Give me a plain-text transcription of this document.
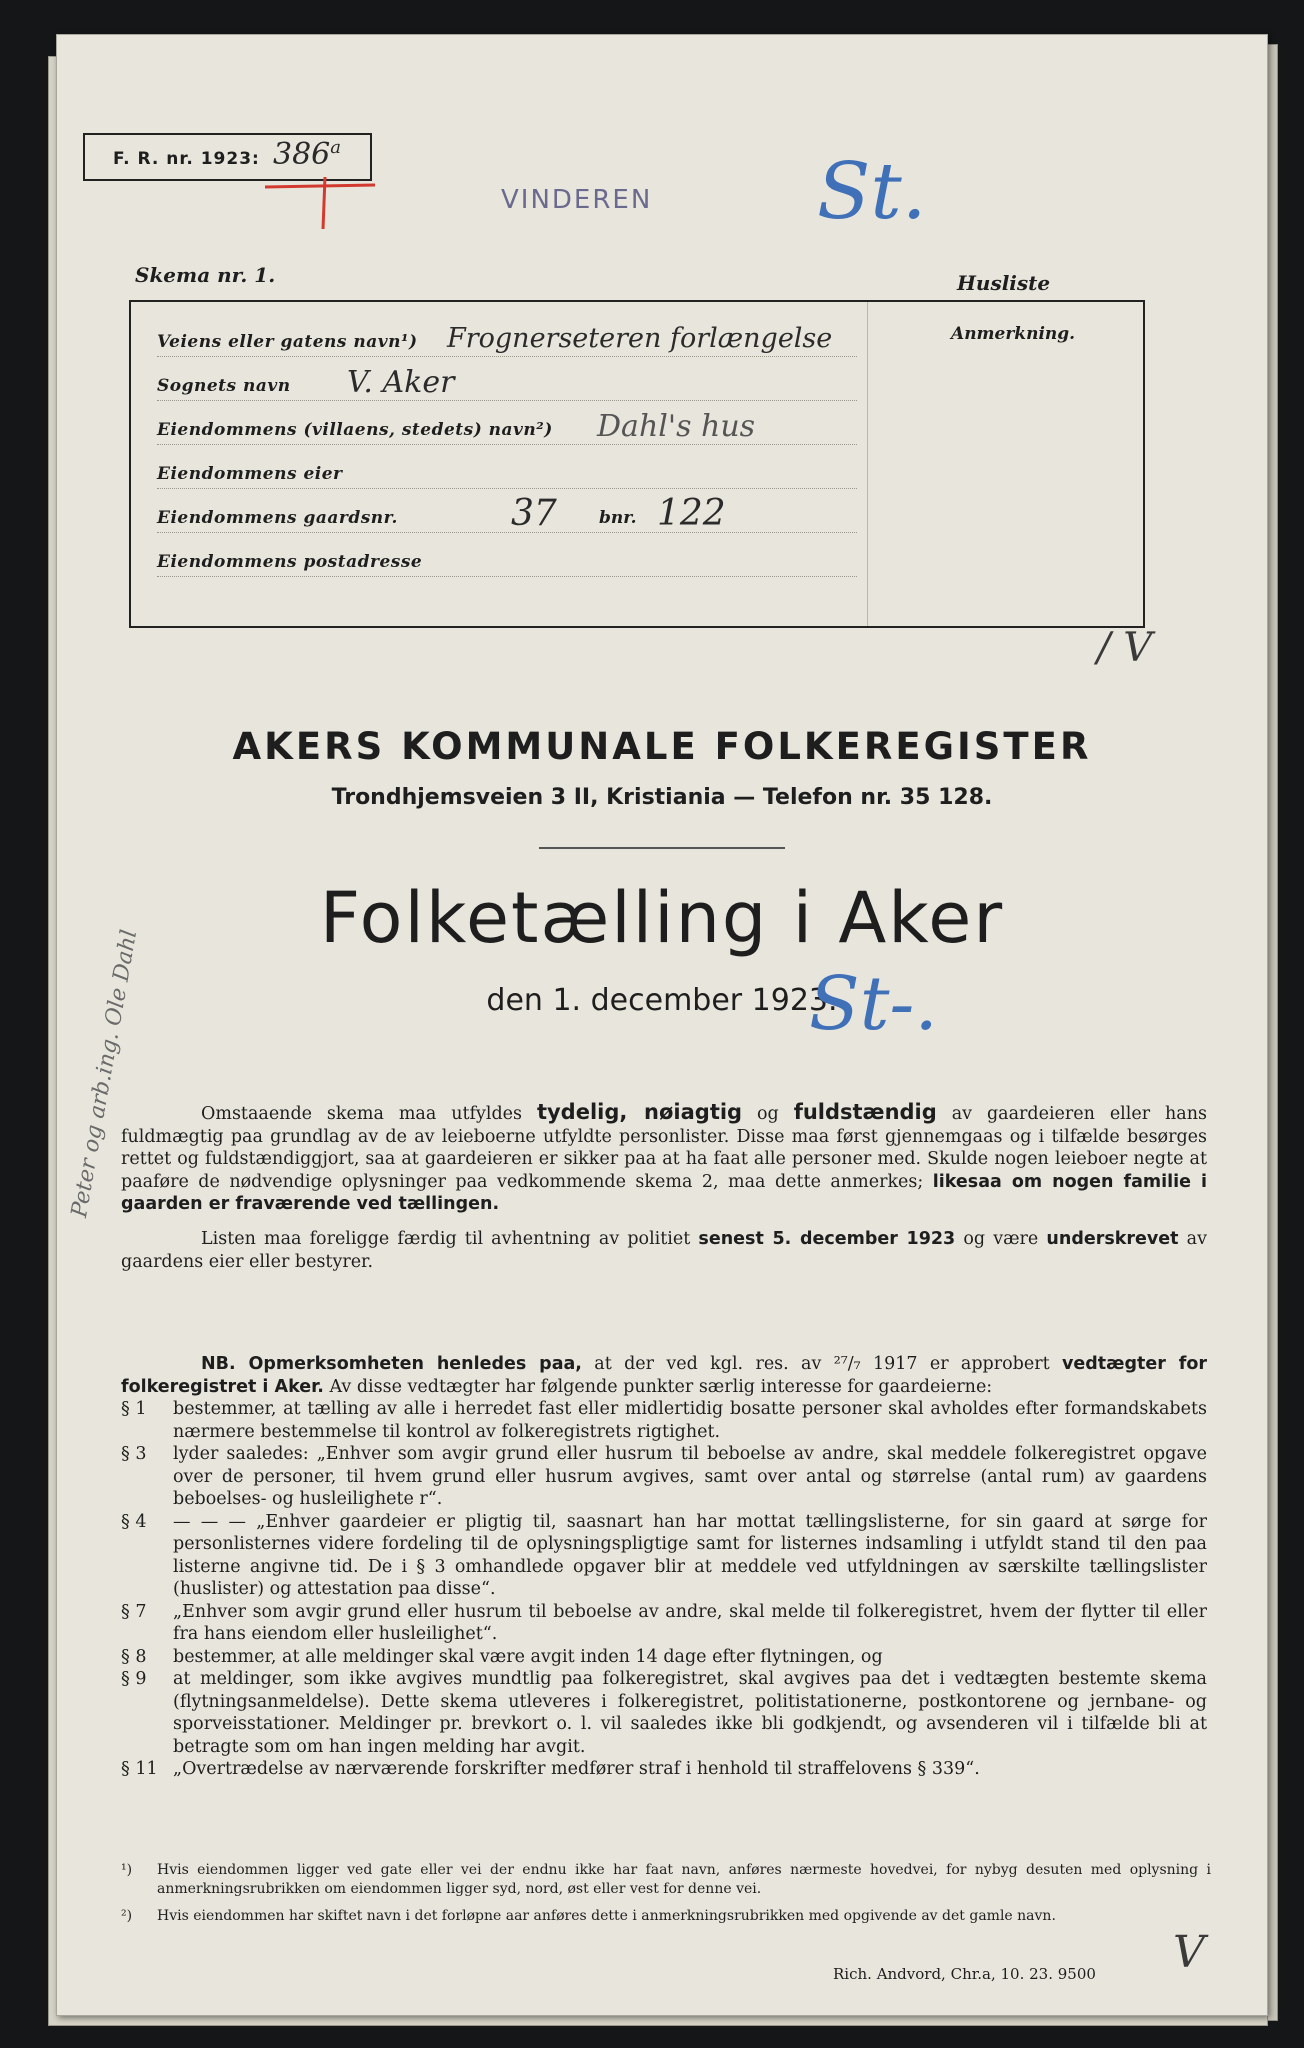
F. R. nr. 1923: 386$^a$
VINDEREN St.
Skema nr. 1.	Husliste
Anmerkning.
Veiens eller gatens navn¹) Frognerseteren forlængelse
Sognets navn V. Aker
Eiendommens (villaens, stedets) navn²) Dahl's hus
Eiendommens eier
Eiendommens gaardsnr.	37 bnr. 122
Eiendommens postadresse
/ V
Peter og arb.ing. Ole Dahl
AKERS KOMMUNALE FOLKEREGISTER
Trondhjemsveien 3 II, Kristiania — Telefon nr. 35 128.
Folketælling i Aker
den 1. december 1923.
St-.

Omstaaende skema maa utfyldes tydelig, nøiagtig og fuldstændig av gaardeieren eller hans fuldmægtig paa grundlag av de av leieboerne utfyldte personlister. Disse maa først gjennemgaas og i tilfælde besørges rettet og fuldstændiggjort, saa at gaardeieren er sikker paa at ha faat alle personer med. Skulde nogen leieboer negte at paaføre de nødvendige oplysninger paa vedkommende skema 2, maa dette anmerkes; likesaa om nogen familie i gaarden er fraværende ved tællingen.

Listen maa foreligge færdig til avhentning av politiet senest 5. december 1923 og være underskrevet av gaardens eier eller bestyrer.

NB. Opmerksomheten henledes paa, at der ved kgl. res. av ²⁷/₇ 1917 er approbert vedtægter for folkeregistret i Aker. Av disse vedtægter har følgende punkter særlig interesse for gaardeierne:

§ 1 bestemmer, at tælling av alle i herredet fast eller midlertidig bosatte personer skal avholdes efter formandskabets nærmere bestemmelse til kontrol av folkeregistrets rigtighet.

§ 3 lyder saaledes: „Enhver som avgir grund eller husrum til beboelse av andre, skal meddele folkeregistret opgave over de personer, til hvem grund eller husrum avgives, samt over antal og størrelse (antal rum) av gaardens beboelses- og husleilighete r“.

§ 4 — — — „Enhver gaardeier er pligtig til, saasnart han har mottat tællingslisterne, for sin gaard at sørge for personlisternes videre fordeling til de oplysningspligtige samt for listernes indsamling i utfyldt stand til den paa listerne angivne tid. De i § 3 omhandlede opgaver blir at meddele ved utfyldningen av særskilte tællingslister (huslister) og attestation paa disse“.

§ 7 „Enhver som avgir grund eller husrum til beboelse av andre, skal melde til folkeregistret, hvem der flytter til eller fra hans eiendom eller husleilighet“.

§ 8 bestemmer, at alle meldinger skal være avgit inden 14 dage efter flytningen, og

§ 9 at meldinger, som ikke avgives mundtlig paa folkeregistret, skal avgives paa det i vedtægten bestemte skema (flytningsanmeldelse). Dette skema utleveres i folkeregistret, politistationerne, postkontorene og jernbane- og sporveisstationer. Meldinger pr. brevkort o. l. vil saaledes ikke bli godkjendt, og avsenderen vil i tilfælde bli at betragte som om han ingen melding har avgit.

§ 11 „Overtrædelse av nærværende forskrifter medfører straf i henhold til straffelovens § 339“.

¹)	Hvis eiendommen ligger ved gate eller vei der endnu ikke har faat navn, anføres nærmeste hovedvei, for nybyg desuten med oplysning i anmerkningsrubrikken om eiendommen ligger syd, nord, øst eller vest for denne vei.
²)	Hvis eiendommen har skiftet navn i det forløpne aar anføres dette i anmerkningsrubrikken med opgivende av det gamle navn.
Rich. Andvord, Chr.a, 10. 23. 9500 V
